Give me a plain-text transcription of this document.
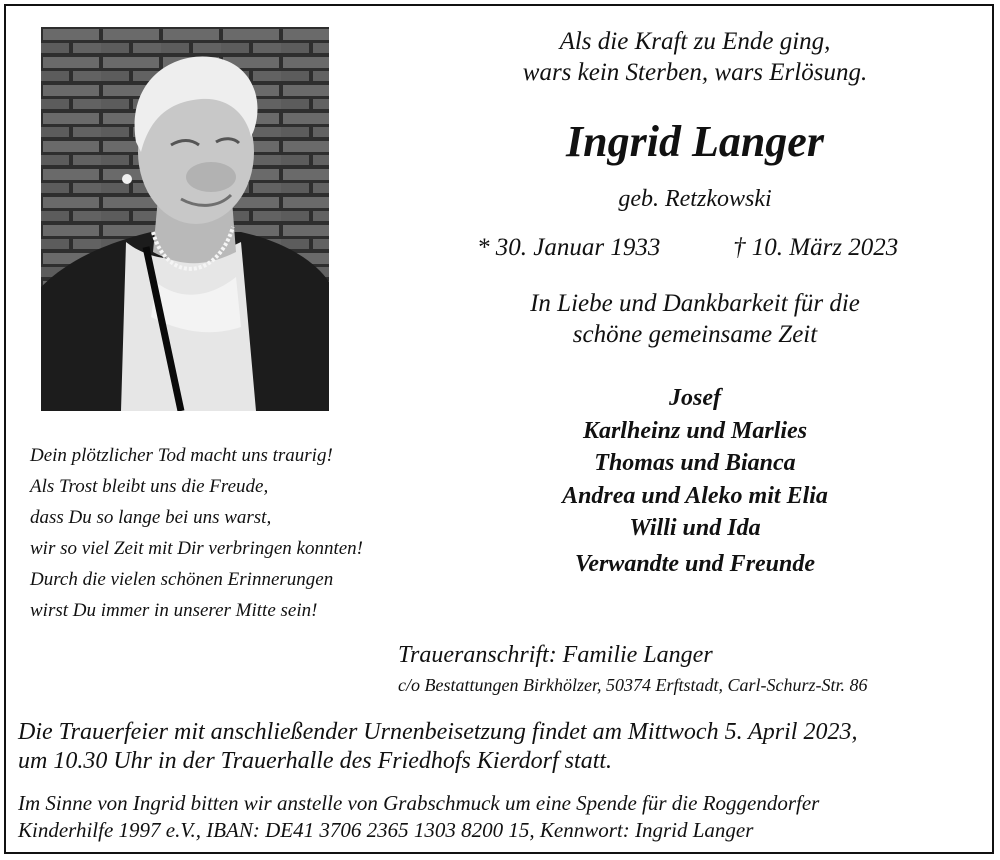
Als die Kraft zu Ende ging,
wars kein Sterben, wars Erlösung.
Ingrid Langer
geb. Retzkowski
* 30. Januar 1933	† 10. März 2023
In Liebe und Dankbarkeit für die
schöne gemeinsame Zeit
Josef
Karlheinz und Marlies
Thomas und Bianca
Andrea und Aleko mit Elia
Willi und Ida
Verwandte und Freunde
Dein plötzlicher Tod macht uns traurig!
Als Trost bleibt uns die Freude,
dass Du so lange bei uns warst,
wir so viel Zeit mit Dir verbringen konnten!
Durch die vielen schönen Erinnerungen
wirst Du immer in unserer Mitte sein!
Traueranschrift: Familie Langer
c/o Bestattungen Birkhölzer, 50374 Erftstadt, Carl-Schurz-Str. 86
Die Trauerfeier mit anschließender Urnenbeisetzung findet am Mittwoch 5. April 2023,
um 10.30 Uhr in der Trauerhalle des Friedhofs Kierdorf statt.
Im Sinne von Ingrid bitten wir anstelle von Grabschmuck um eine Spende für die Roggendorfer
Kinderhilfe 1997 e.V., IBAN: DE41 3706 2365 1303 8200 15, Kennwort: Ingrid Langer
